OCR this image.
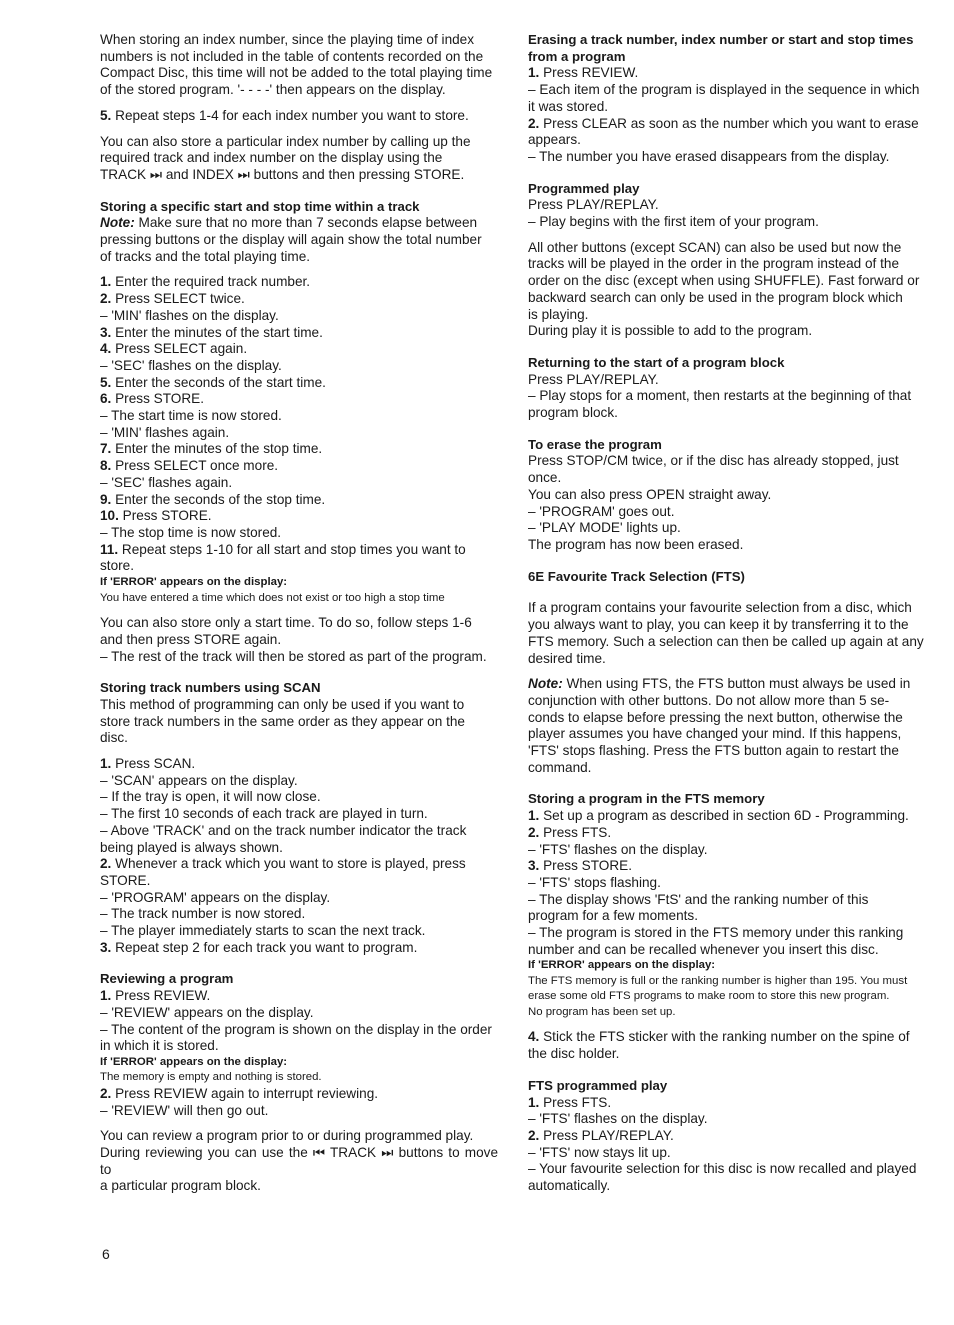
When storing an index number, since the playing time of index
numbers is not included in the table of contents recorded on the
Compact Disc, this time will not be added to the total playing time
of the stored program. '- - - -' then appears on the display.
5. Repeat steps 1-4 for each index number you want to store.
You can also store a particular index number by calling up the
required track and index number on the display using the
TRACK ⏭ and INDEX ⏭ buttons and then pressing STORE.
Storing a specific start and stop time within a track
Note: Make sure that no more than 7 seconds elapse between
pressing buttons or the display will again show the total number
of tracks and the total playing time.
1. Enter the required track number.
2. Press SELECT twice.
– 'MIN' flashes on the display.
3. Enter the minutes of the start time.
4. Press SELECT again.
– 'SEC' flashes on the display.
5. Enter the seconds of the start time.
6. Press STORE.
– The start time is now stored.
– 'MIN' flashes again.
7. Enter the minutes of the stop time.
8. Press SELECT once more.
– 'SEC' flashes again.
9. Enter the seconds of the stop time.
10. Press STORE.
– The stop time is now stored.
11. Repeat steps 1-10 for all start and stop times you want to
store.
If 'ERROR' appears on the display:
You have entered a time which does not exist or too high a stop time
You can also store only a start time. To do so, follow steps 1-6
and then press STORE again.
– The rest of the track will then be stored as part of the program.
Storing track numbers using SCAN
This method of programming can only be used if you want to
store track numbers in the same order as they appear on the
disc.
1. Press SCAN.
– 'SCAN' appears on the display.
– If the tray is open, it will now close.
– The first 10 seconds of each track are played in turn.
– Above 'TRACK' and on the track number indicator the track
being played is always shown.
2. Whenever a track which you want to store is played, press
STORE.
– 'PROGRAM' appears on the display.
– The track number is now stored.
– The player immediately starts to scan the next track.
3. Repeat step 2 for each track you want to program.
Reviewing a program
1. Press REVIEW.
– 'REVIEW' appears on the display.
– The content of the program is shown on the display in the order
in which it is stored.
If 'ERROR' appears on the display:
The memory is empty and nothing is stored.
2. Press REVIEW again to interrupt reviewing.
– 'REVIEW' will then go out.
You can review a program prior to or during programmed play.
During reviewing you can use the ⏮ TRACK ⏭ buttons to move to
a particular program block.
Erasing a track number, index number or start and stop times
from a program
1. Press REVIEW.
– Each item of the program is displayed in the sequence in which
it was stored.
2. Press CLEAR as soon as the number which you want to erase
appears.
– The number you have erased disappears from the display.
Programmed play
Press PLAY/REPLAY.
– Play begins with the first item of your program.
All other buttons (except SCAN) can also be used but now the
tracks will be played in the order in the program instead of the
order on the disc (except when using SHUFFLE). Fast forward or
backward search can only be used in the program block which
is playing.
During play it is possible to add to the program.
Returning to the start of a program block
Press PLAY/REPLAY.
– Play stops for a moment, then restarts at the beginning of that
program block.
To erase the program
Press STOP/CM twice, or if the disc has already stopped, just
once.
You can also press OPEN straight away.
– 'PROGRAM' goes out.
– 'PLAY MODE' lights up.
The program has now been erased.
6E Favourite Track Selection (FTS)
If a program contains your favourite selection from a disc, which
you always want to play, you can keep it by transferring it to the
FTS memory. Such a selection can then be called up again at any
desired time.
Note: When using FTS, the FTS button must always be used in
conjunction with other buttons. Do not allow more than 5 se-
conds to elapse before pressing the next button, otherwise the
player assumes you have changed your mind. If this happens,
'FTS' stops flashing. Press the FTS button again to restart the
command.
Storing a program in the FTS memory
1. Set up a program as described in section 6D - Programming.
2. Press FTS.
– 'FTS' flashes on the display.
3. Press STORE.
– 'FTS' stops flashing.
– The display shows 'FtS' and the ranking number of this
program for a few moments.
– The program is stored in the FTS memory under this ranking
number and can be recalled whenever you insert this disc.
If 'ERROR' appears on the display:
The FTS memory is full or the ranking number is higher than 195. You must
erase some old FTS programs to make room to store this new program.
No program has been set up.
4. Stick the FTS sticker with the ranking number on the spine of
the disc holder.
FTS programmed play
1. Press FTS.
– 'FTS' flashes on the display.
2. Press PLAY/REPLAY.
– 'FTS' now stays lit up.
– Your favourite selection for this disc is now recalled and played
automatically.
6
